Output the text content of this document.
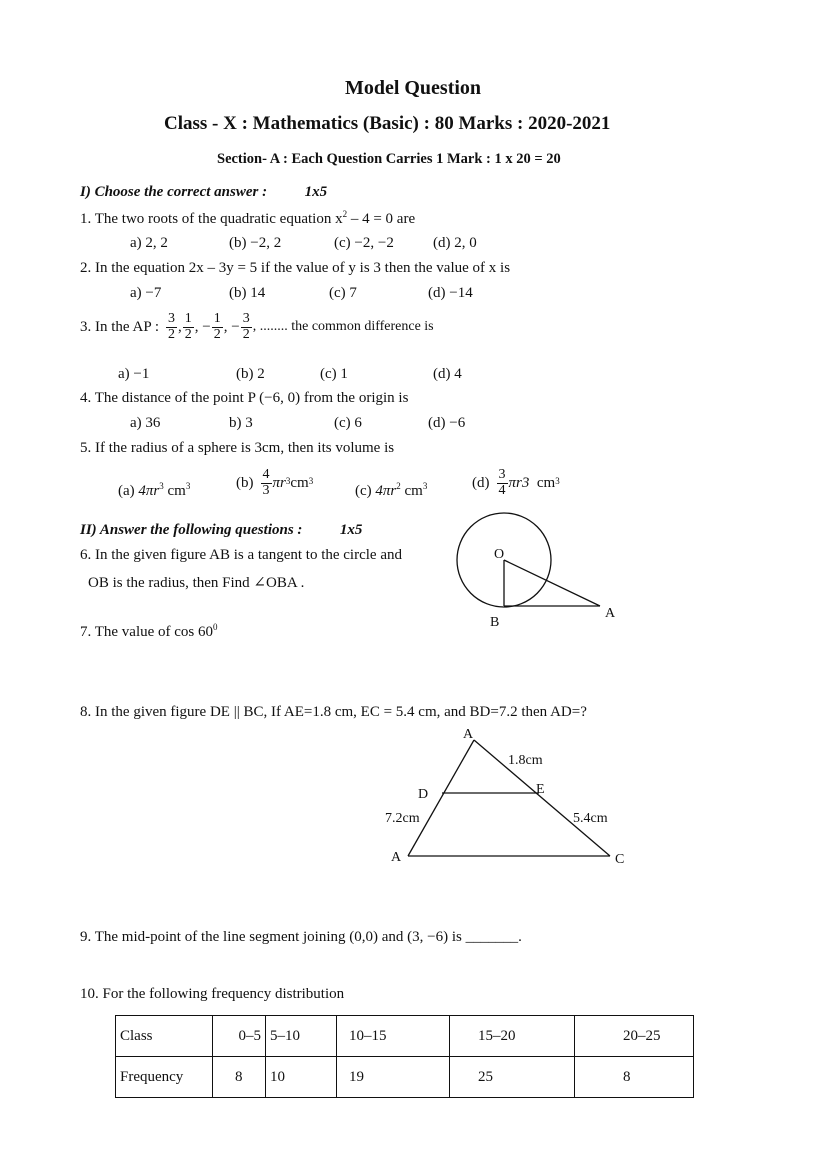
Model Question
Class - X : Mathematics (Basic) : 80 Marks : 2020-2021
Section- A : Each Question Carries 1 Mark : 1 x 20 = 20
I) Choose the correct answer :	1x5
1. The two roots of the quadratic equation $x^2 - 4 = 0$ are
a) 2, 2	(b) −2, 2	(c) −2, −2	(d) 2, 0
2. In the equation 2x – 3y = 5 if the value of y is 3 then the value of x is
a) −7	(b) 14	(c) 7	(d) −14
3. In the AP : $\frac{3}{2}$ , $\frac{1}{2}$ , − $\frac{1}{2}$ , − $\frac{3}{2}$ , ........ the common difference is
a) −1	(b) 2	(c) 1	(d) 4
4. The distance of the point P (−6, 0) from the origin is
a) 36	b) 3	(c) 6	(d) −6
5. If the radius of a sphere is 3cm, then its volume is
(a) $4\pi r^3$ $cm^3$	$(b) \frac{4}{3}$ πr 3 cm 3
(c) $4\pi r^2$ $cm^3$	$(d) \frac{3}{4} \pi r3$ cm 3
II) Answer the following questions :	1x5
6. In the given figure AB is a tangent to the circle and
OB is the radius, then Find ∠OBA .
O
B
A
7. The value of $\cos 60^0$
8. In the given figure DE || BC, If AE=1.8 cm, EC = 5.4 cm, and BD=7.2 then AD=?
A
1.8cm
D	E
7.2cm	5.4cm
A	C
9. The mid-point of the line segment joining (0,0) and (3, −6) is _______.
10. For the following frequency distribution
Class	0–5	5–10	10–15	15–20	20–25
Frequency	8	10	19	25	8
